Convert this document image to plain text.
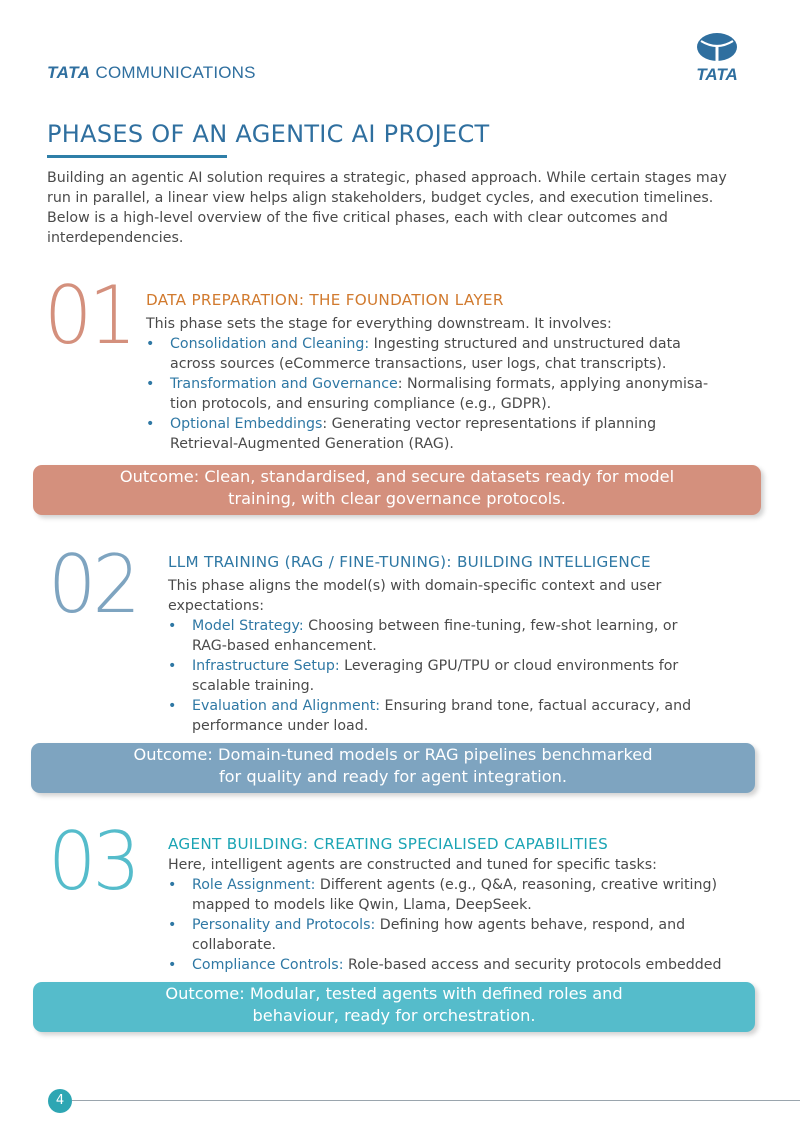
TATA COMMUNICATIONS	TATA
PHASES OF AN AGENTIC AI PROJECT

Building an agentic AI solution requires a strategic, phased approach. While certain stages may run in parallel, a linear view helps align stakeholders, budget cycles, and execution timelines. Below is a high-level overview of the five critical phases, each with clear outcomes and interdependencies.

01 DATA PREPARATION: THE FOUNDATION LAYER

This phase sets the stage for everything downstream. It involves:

• Consolidation and Cleaning: Ingesting structured and unstructured data
across sources (eCommerce transactions, user logs, chat transcripts).
• Transformation and Governance: Normalising formats, applying anonymisa-
tion protocols, and ensuring compliance (e.g., GDPR).
• Optional Embeddings: Generating vector representations if planning
Retrieval-Augmented Generation (RAG).
Outcome: Clean, standardised, and secure datasets ready for model
training, with clear governance protocols.
02 LLM TRAINING (RAG / FINE-TUNING): BUILDING INTELLIGENCE

This phase aligns the model(s) with domain-specific context and user
expectations:

• Model Strategy: Choosing between fine-tuning, few-shot learning, or
RAG-based enhancement.
• Infrastructure Setup: Leveraging GPU/TPU or cloud environments for
scalable training.
• Evaluation and Alignment: Ensuring brand tone, factual accuracy, and
performance under load.
Outcome: Domain-tuned models or RAG pipelines benchmarked
for quality and ready for agent integration.
03 AGENT BUILDING: CREATING SPECIALISED CAPABILITIES

Here, intelligent agents are constructed and tuned for specific tasks:

• Role Assignment: Different agents (e.g., Q&A, reasoning, creative writing)
mapped to models like Qwin, Llama, DeepSeek.
• Personality and Protocols: Defining how agents behave, respond, and
collaborate.
• Compliance Controls: Role-based access and security protocols embedded
Outcome: Modular, tested agents with defined roles and
behaviour, ready for orchestration.
4
